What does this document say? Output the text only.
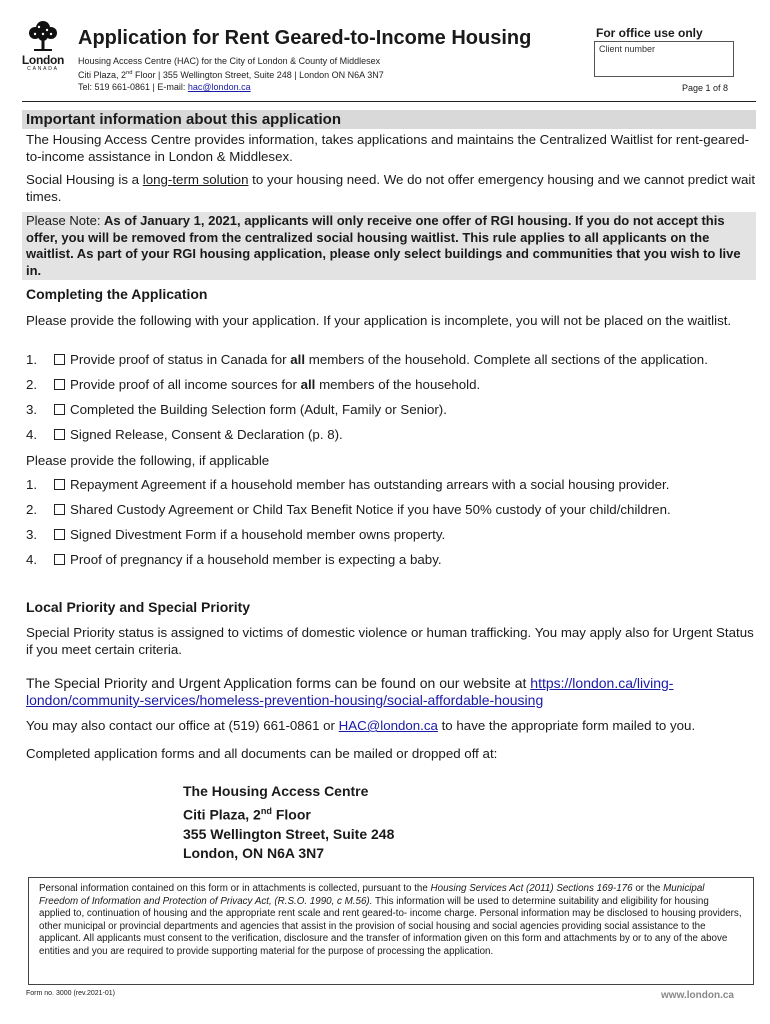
London
CANADA
Application for Rent Geared-to-Income Housing
Housing Access Centre (HAC) for the City of London & County of Middlesex
Citi Plaza, 2nd Floor | 355 Wellington Street, Suite 248 | London ON N6A 3N7
Tel: 519 661-0861 | E-mail: hac@london.ca
For office use only
Client number
Page 1 of 8
Important information about this application
The Housing Access Centre provides information, takes applications and maintains the Centralized Waitlist for rent-geared-to-income assistance in London & Middlesex.
Social Housing is a long-term solution to your housing need. We do not offer emergency housing and we cannot predict wait times.
Please Note: As of January 1, 2021, applicants will only receive one offer of RGI housing. If you do not accept this offer, you will be removed from the centralized social housing waitlist. This rule applies to all applicants on the waitlist. As part of your RGI housing application, please only select buildings and communities that you wish to live in.
Completing the Application
Please provide the following with your application. If your application is incomplete, you will not be placed on the waitlist.
1. Provide proof of status in Canada for all members of the household. Complete all sections of the application.
2. Provide proof of all income sources for all members of the household.
3. Completed the Building Selection form (Adult, Family or Senior).
4. Signed Release, Consent & Declaration (p. 8).
Please provide the following, if applicable
1. Repayment Agreement if a household member has outstanding arrears with a social housing provider.
2. Shared Custody Agreement or Child Tax Benefit Notice if you have 50% custody of your child/children.
3. Signed Divestment Form if a household member owns property.
4. Proof of pregnancy if a household member is expecting a baby.
Local Priority and Special Priority
Special Priority status is assigned to victims of domestic violence or human trafficking. You may apply also for Urgent Status if you meet certain criteria.
The Special Priority and Urgent Application forms can be found on our website at https://london.ca/living-london/community-services/homeless-prevention-housing/social-affordable-housing
You may also contact our office at (519) 661-0861 or HAC@london.ca to have the appropriate form mailed to you.
Completed application forms and all documents can be mailed or dropped off at:
The Housing Access Centre
Citi Plaza, 2nd Floor
355 Wellington Street, Suite 248
London, ON N6A 3N7
Personal information contained on this form or in attachments is collected, pursuant to the Housing Services Act (2011) Sections 169-176 or the Municipal Freedom of Information and Protection of Privacy Act, (R.S.O. 1990, c M.56). This information will be used to determine suitability and eligibility for housing applied to, continuation of housing and the appropriate rent scale and rent geared-to- income charge. Personal information may be disclosed to housing providers, other municipal or provincial departments and agencies that assist in the provision of social housing and social agencies providing social assistance to the applicant. All applicants must consent to the verification, disclosure and the transfer of information given on this form and attachments by or to any of the above entities and you are required to provide supporting material for the purpose of processing the application.
Form no. 3000 (rev.2021-01)	www.london.ca
